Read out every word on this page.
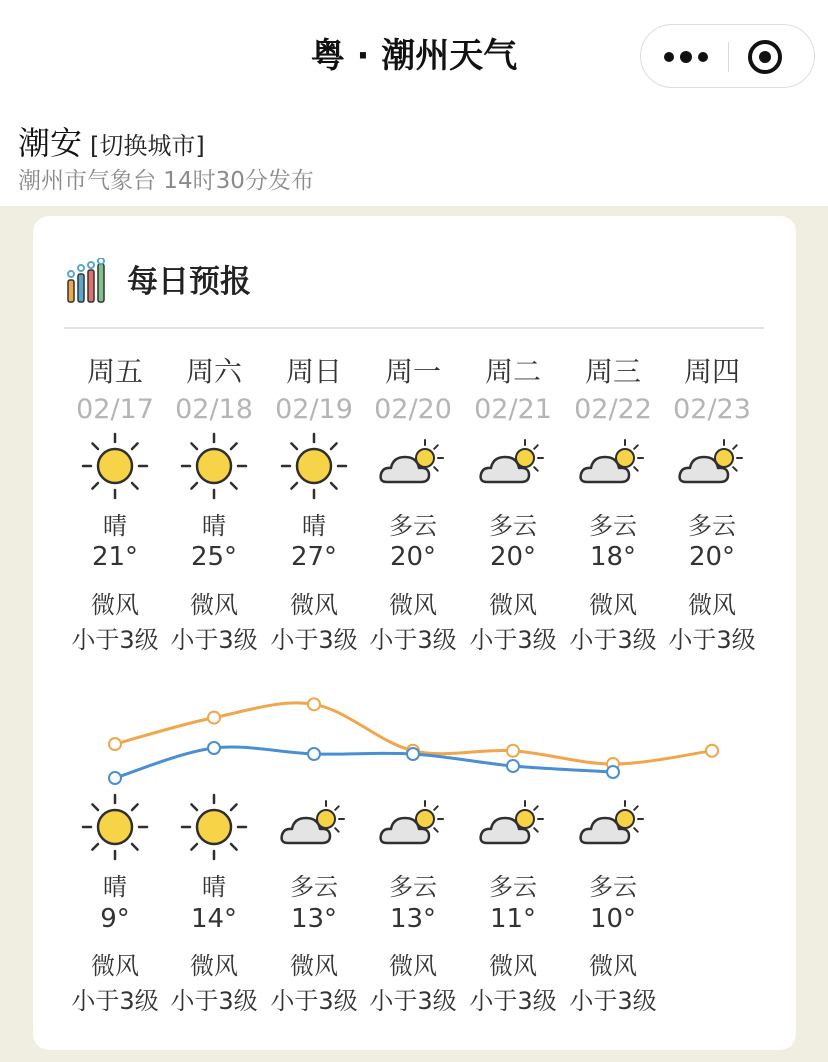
粤 · 潮州天气
潮安 [切换城市]
潮州市气象台 14时30分发布
每日预报
周五
02/17
晴
21°
微风
小于3级
晴
9°
微风
小于3级
周六
02/18
晴
25°
微风
小于3级
晴
14°
微风
小于3级
周日
02/19
晴
27°
微风
小于3级
多云
13°
微风
小于3级
周一
02/20
多云
20°
微风
小于3级
多云
13°
微风
小于3级
周二
02/21
多云
20°
微风
小于3级
多云
11°
微风
小于3级
周三
02/22
多云
18°
微风
小于3级
多云
10°
微风
小于3级
周四
02/23
多云
20°
微风
小于3级
